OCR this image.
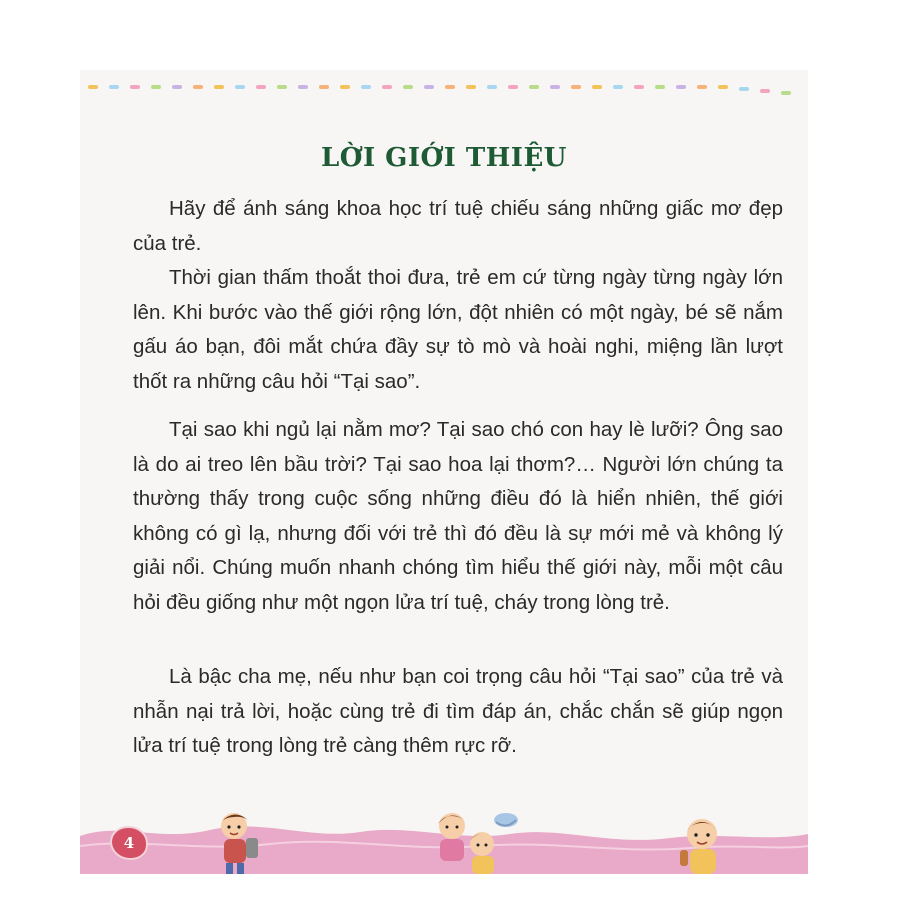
LỜI GIỚI THIỆU

Hãy để ánh sáng khoa học trí tuệ chiếu sáng những giấc mơ đẹp của trẻ.

Thời gian thấm thoắt thoi đưa, trẻ em cứ từng ngày từng ngày lớn lên. Khi bước vào thế giới rộng lớn, đột nhiên có một ngày, bé sẽ nắm gấu áo bạn, đôi mắt chứa đầy sự tò mò và hoài nghi, miệng lần lượt thốt ra những câu hỏi “Tại sao”.

Tại sao khi ngủ lại nằm mơ? Tại sao chó con hay lè lưỡi? Ông sao là do ai treo lên bầu trời? Tại sao hoa lại thơm?… Người lớn chúng ta thường thấy trong cuộc sống những điều đó là hiển nhiên, thế giới không có gì lạ, nhưng đối với trẻ thì đó đều là sự mới mẻ và không lý giải nổi. Chúng muốn nhanh chóng tìm hiểu thế giới này, mỗi một câu hỏi đều giống như một ngọn lửa trí tuệ, cháy trong lòng trẻ.

Là bậc cha mẹ, nếu như bạn coi trọng câu hỏi “Tại sao” của trẻ và nhẫn nại trả lời, hoặc cùng trẻ đi tìm đáp án, chắc chắn sẽ giúp ngọn lửa trí tuệ trong lòng trẻ càng thêm rực rỡ.

4
